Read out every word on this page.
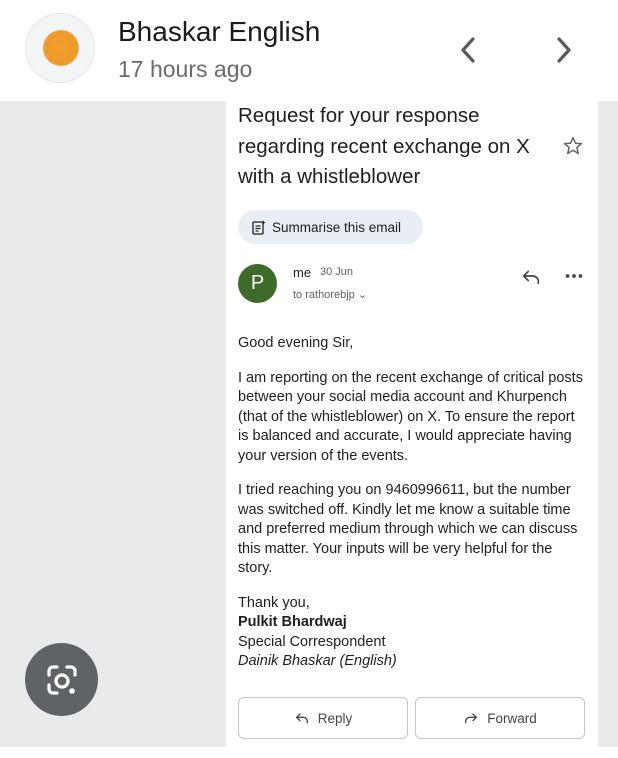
Bhaskar English
17 hours ago
Request for your response regarding recent exchange on X with a whistleblower
Summarise this email
P	me 30 Jun
to rathorebjp ⌄

Good evening Sir,

I am reporting on the recent exchange of critical posts between your social media account and Khurpench (that of the whistleblower) on X. To ensure the report is balanced and accurate, I would appreciate having your version of the events.

I tried reaching you on 9460996611, but the number was switched off. Kindly let me know a suitable time and preferred medium through which we can discuss this matter. Your inputs will be very helpful for the story.

Thank you,
Pulkit Bhardwaj
Special Correspondent
Dainik Bhaskar (English)
Reply	Forward
